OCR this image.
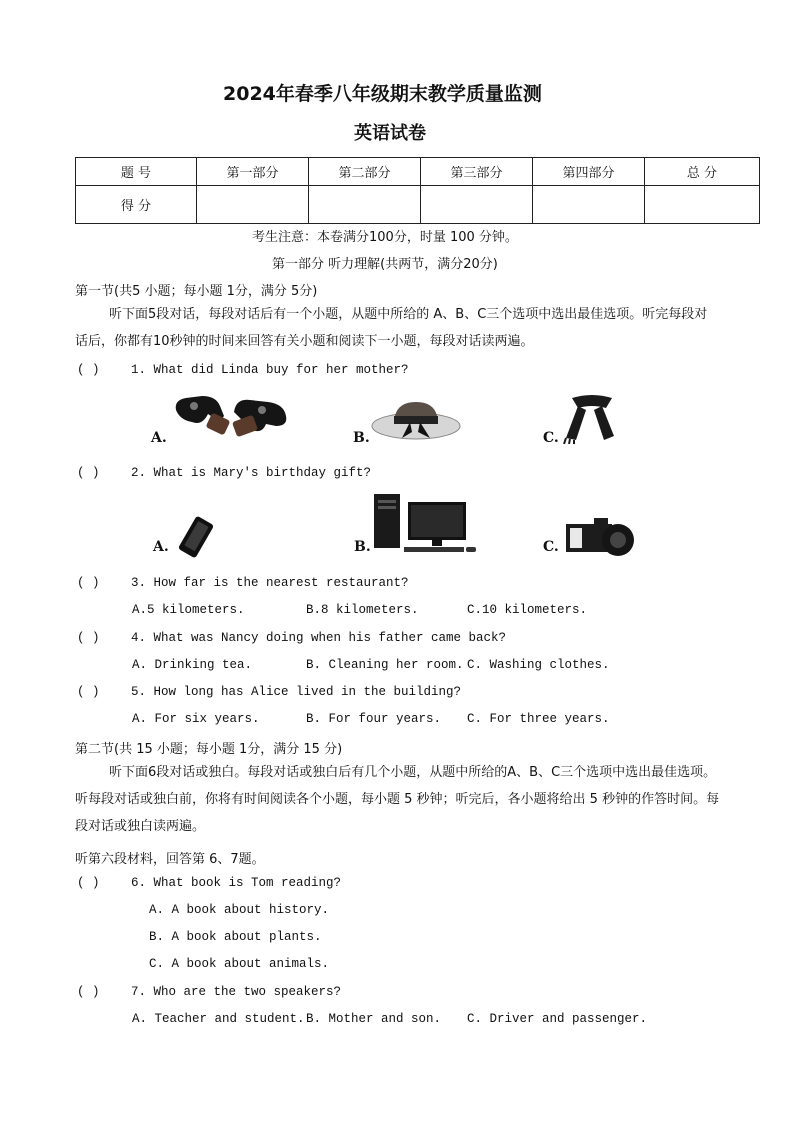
2024年春季八年级期末教学质量监测
英语试卷
题 号	第一部分	第二部分	第三部分	第四部分	总 分
得 分					
考生注意：本卷满分100分，时量 100 分钟。
第一部分 听力理解(共两节，满分20分)
第一节(共5 小题；每小题 1分，满分 5分)
听下面5段对话，每段对话后有一个小题，从题中所给的 A、B、C三个选项中选出最佳选项。听完每段对话后，你都有10秒钟的时间来回答有关小题和阅读下一小题，每段对话读两遍。
( )	1. What did Linda buy for her mother?
A.	B.	C.
( )	2. What is Mary's birthday gift?
A.	B.	C.
( )	3. How far is the nearest restaurant?
A.5 kilometers.	B.8 kilometers.	C.10 kilometers.
( )	4. What was Nancy doing when his father came back?
A. Drinking tea.	B. Cleaning her room. C. Washing clothes.
( )	5. How long has Alice lived in the building?
A. For six years.	B. For four years. C. For three years.
第二节(共 15 小题；每小题 1分，满分 15 分)
听下面6段对话或独白。每段对话或独白后有几个小题，从题中所给的A、B、C三个选项中选出最佳选项。听每段对话或独白前，你将有时间阅读各个小题，每小题 5 秒钟；听完后，各小题将给出 5 秒钟的作答时间。每段对话或独白读两遍。
听第六段材料，回答第 6、7题。
( )	6. What book is Tom reading?
A. A book about history.
B. A book about plants.
C. A book about animals.
( )	7. Who are the two speakers?
A. Teacher and student. B. Mother and son. C. Driver and passenger.
